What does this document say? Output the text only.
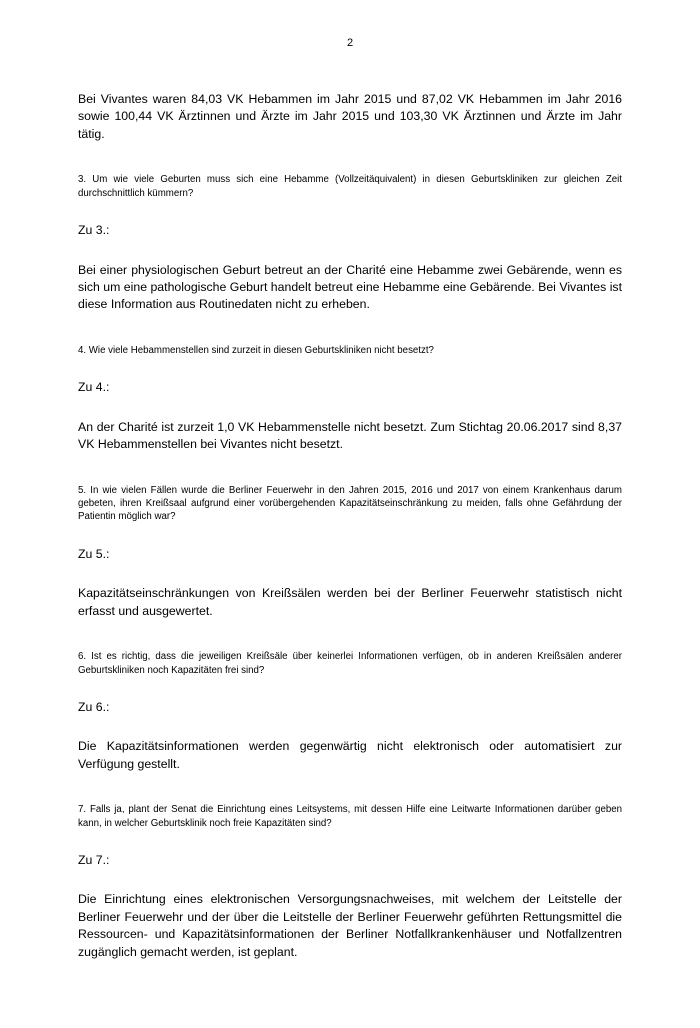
2

Bei Vivantes waren 84,03 VK Hebammen im Jahr 2015 und 87,02 VK Hebammen im Jahr 2016 sowie 100,44 VK Ärztinnen und Ärzte im Jahr 2015 und 103,30 VK Ärztinnen und Ärzte im Jahr tätig.

3. Um wie viele Geburten muss sich eine Hebamme (Vollzeitäquivalent) in diesen Geburtskliniken zur gleichen Zeit durchschnittlich kümmern?

Zu 3.:

Bei einer physiologischen Geburt betreut an der Charité eine Hebamme zwei Gebärende, wenn es sich um eine pathologische Geburt handelt betreut eine Hebamme eine Gebärende. Bei Vivantes ist diese Information aus Routinedaten nicht zu erheben.

4. Wie viele Hebammenstellen sind zurzeit in diesen Geburtskliniken nicht besetzt?

Zu 4.:

An der Charité ist zurzeit 1,0 VK Hebammenstelle nicht besetzt. Zum Stichtag 20.06.2017 sind 8,37 VK Hebammenstellen bei Vivantes nicht besetzt.

5. In wie vielen Fällen wurde die Berliner Feuerwehr in den Jahren 2015, 2016 und 2017 von einem Krankenhaus darum gebeten, ihren Kreißsaal aufgrund einer vorübergehenden Kapazitätseinschränkung zu meiden, falls ohne Gefährdung der Patientin möglich war?

Zu 5.:

Kapazitätseinschränkungen von Kreißsälen werden bei der Berliner Feuerwehr statistisch nicht erfasst und ausgewertet.

6. Ist es richtig, dass die jeweiligen Kreißsäle über keinerlei Informationen verfügen, ob in anderen Kreißsälen anderer Geburtskliniken noch Kapazitäten frei sind?

Zu 6.:

Die Kapazitätsinformationen werden gegenwärtig nicht elektronisch oder automatisiert zur Verfügung gestellt.

7. Falls ja, plant der Senat die Einrichtung eines Leitsystems, mit dessen Hilfe eine Leitwarte Informationen darüber geben kann, in welcher Geburtsklinik noch freie Kapazitäten sind?

Zu 7.:

Die Einrichtung eines elektronischen Versorgungsnachweises, mit welchem der Leitstelle der Berliner Feuerwehr und der über die Leitstelle der Berliner Feuerwehr geführten Rettungsmittel die Ressourcen- und Kapazitätsinformationen der Berliner Notfallkrankenhäuser und Notfallzentren zugänglich gemacht werden, ist geplant.
